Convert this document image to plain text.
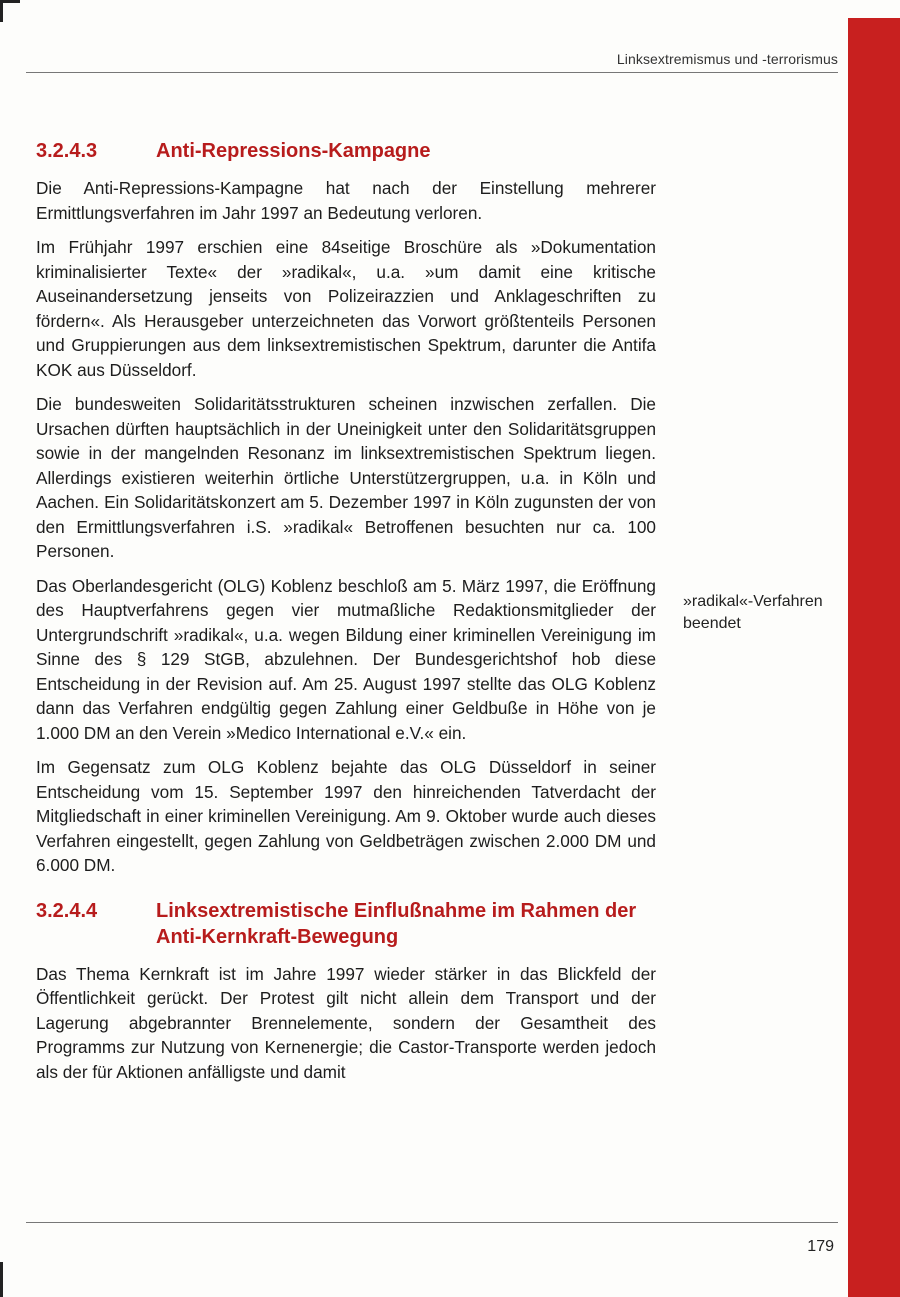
Linksextremismus und -terrorismus
3.2.4.3	Anti-Repressions-Kampagne

Die Anti-Repressions-Kampagne hat nach der Einstellung mehrerer Ermittlungsverfahren im Jahr 1997 an Bedeutung verloren.

Im Frühjahr 1997 erschien eine 84seitige Broschüre als »Dokumentation kriminalisierter Texte« der »radikal«, u.a. »um damit eine kritische Auseinandersetzung jenseits von Polizeirazzien und Anklageschriften zu fördern«. Als Herausgeber unterzeichneten das Vorwort größtenteils Personen und Gruppierungen aus dem linksextremistischen Spektrum, darunter die Antifa KOK aus Düsseldorf.

Die bundesweiten Solidaritätsstrukturen scheinen inzwischen zerfallen. Die Ursachen dürften hauptsächlich in der Uneinigkeit unter den Solidaritätsgruppen sowie in der mangelnden Resonanz im linksextremistischen Spektrum liegen. Allerdings existieren weiterhin örtliche Unterstützergruppen, u.a. in Köln und Aachen. Ein Solidaritätskonzert am 5. Dezember 1997 in Köln zugunsten der von den Ermittlungsverfahren i.S. »radikal« Betroffenen besuchten nur ca. 100 Personen.

Das Oberlandesgericht (OLG) Koblenz beschloß am 5. März 1997, die Eröffnung des Hauptverfahrens gegen vier mutmaßliche Redaktionsmitglieder der Untergrundschrift »radikal«, u.a. wegen Bildung einer kriminellen Vereinigung im Sinne des § 129 StGB, abzulehnen. Der Bundesgerichtshof hob diese Entscheidung in der Revision auf. Am 25. August 1997 stellte das OLG Koblenz dann das Verfahren endgültig gegen Zahlung einer Geldbuße in Höhe von je 1.000 DM an den Verein »Medico International e.V.« ein.

Im Gegensatz zum OLG Koblenz bejahte das OLG Düsseldorf in seiner Entscheidung vom 15. September 1997 den hinreichenden Tatverdacht der Mitgliedschaft in einer kriminellen Vereinigung. Am 9. Oktober wurde auch dieses Verfahren eingestellt, gegen Zahlung von Geldbeträgen zwischen 2.000 DM und 6.000 DM.

3.2.4.4	Linksextremistische Einflußnahme im Rahmen der Anti-Kernkraft-Bewegung

Das Thema Kernkraft ist im Jahre 1997 wieder stärker in das Blickfeld der Öffentlichkeit gerückt. Der Protest gilt nicht allein dem Transport und der Lagerung abgebrannter Brennelemente, sondern der Gesamtheit des Programms zur Nutzung von Kernenergie; die Castor-Transporte werden jedoch als der für Aktionen anfälligste und damit

»radikal«-Verfahren beendet
179
